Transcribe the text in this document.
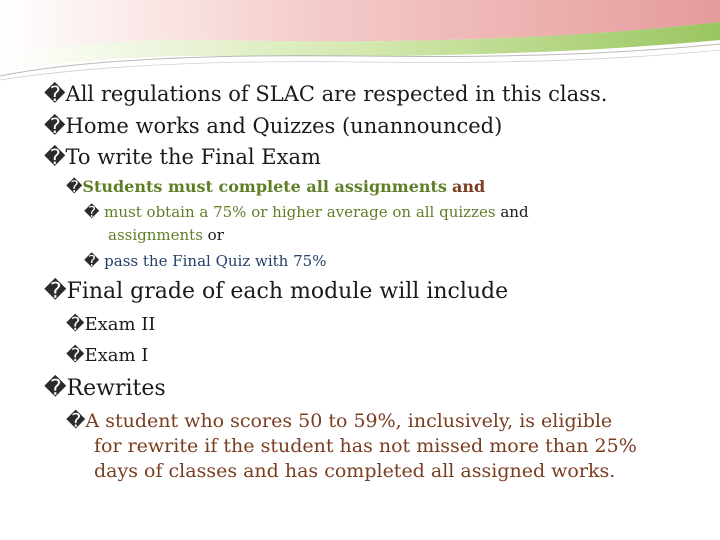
�All regulations of SLAC are respected in this class.
�Home works and Quizzes (unannounced)
�To write the Final Exam
�Students must complete all assignments and
� must obtain a 75% or higher average on all quizzes and
assignments or
� pass the Final Quiz with 75%
�Final grade of each module will include
�Exam II
�Exam I
�Rewrites
�A student who scores 50 to 59%, inclusively, is eligible
for rewrite if the student has not missed more than 25%
days of classes and has completed all assigned works.
